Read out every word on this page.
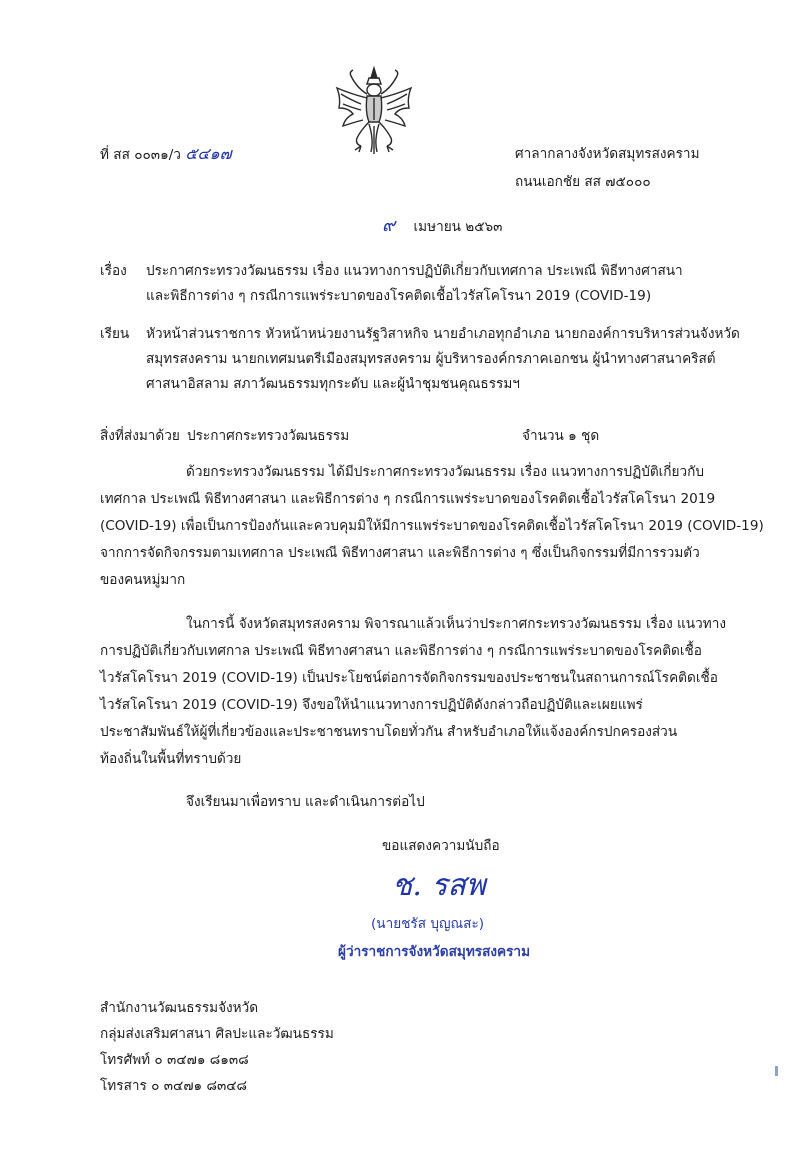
ที่ สส ๐๐๓๑/ว ๕๔๑๗	ศาลากลางจังหวัดสมุทรสงคราม
ถนนเอกชัย สส ๗๕๐๐๐
๙ เมษายน ๒๕๖๓
เรื่อง ประกาศกระทรวงวัฒนธรรม เรื่อง แนวทางการปฏิบัติเกี่ยวกับเทศกาล ประเพณี พิธีทางศาสนา
และพิธีการต่าง ๆ กรณีการแพร่ระบาดของโรคติดเชื้อไวรัสโคโรนา 2019 (COVID-19)
เรียน หัวหน้าส่วนราชการ หัวหน้าหน่วยงานรัฐวิสาหกิจ นายอำเภอทุกอำเภอ นายกองค์การบริหารส่วนจังหวัด
สมุทรสงคราม นายกเทศมนตรีเมืองสมุทรสงคราม ผู้บริหารองค์กรภาคเอกชน ผู้นำทางศาสนาคริสต์
ศาสนาอิสลาม สภาวัฒนธรรมทุกระดับ และผู้นำชุมชนคุณธรรมฯ
สิ่งที่ส่งมาด้วย ประกาศกระทรวงวัฒนธรรม	จำนวน ๑ ชุด
ด้วยกระทรวงวัฒนธรรม ได้มีประกาศกระทรวงวัฒนธรรม เรื่อง แนวทางการปฏิบัติเกี่ยวกับ
เทศกาล ประเพณี พิธีทางศาสนา และพิธีการต่าง ๆ กรณีการแพร่ระบาดของโรคติดเชื้อไวรัสโคโรนา 2019
(COVID-19) เพื่อเป็นการป้องกันและควบคุมมิให้มีการแพร่ระบาดของโรคติดเชื้อไวรัสโคโรนา 2019 (COVID-19)
จากการจัดกิจกรรมตามเทศกาล ประเพณี พิธีทางศาสนา และพิธีการต่าง ๆ ซึ่งเป็นกิจกรรมที่มีการรวมตัว
ของคนหมู่มาก
ในการนี้ จังหวัดสมุทรสงคราม พิจารณาแล้วเห็นว่าประกาศกระทรวงวัฒนธรรม เรื่อง แนวทาง
การปฏิบัติเกี่ยวกับเทศกาล ประเพณี พิธีทางศาสนา และพิธีการต่าง ๆ กรณีการแพร่ระบาดของโรคติดเชื้อ
ไวรัสโคโรนา 2019 (COVID-19) เป็นประโยชน์ต่อการจัดกิจกรรมของประชาชนในสถานการณ์โรคติดเชื้อ
ไวรัสโคโรนา 2019 (COVID-19) จึงขอให้นำแนวทางการปฏิบัติดังกล่าวถือปฏิบัติและเผยแพร่
ประชาสัมพันธ์ให้ผู้ที่เกี่ยวข้องและประชาชนทราบโดยทั่วกัน สำหรับอำเภอให้แจ้งองค์กรปกครองส่วน
ท้องถิ่นในพื้นที่ทราบด้วย
จึงเรียนมาเพื่อทราบ และดำเนินการต่อไป
ขอแสดงความนับถือ
ช. รสพ
(นายชรัส บุญณสะ)
ผู้ว่าราชการจังหวัดสมุทรสงคราม
สำนักงานวัฒนธรรมจังหวัด
กลุ่มส่งเสริมศาสนา ศิลปะและวัฒนธรรม
โทรศัพท์ ๐ ๓๔๗๑ ๘๑๓๘
โทรสาร ๐ ๓๔๗๑ ๘๓๔๘
